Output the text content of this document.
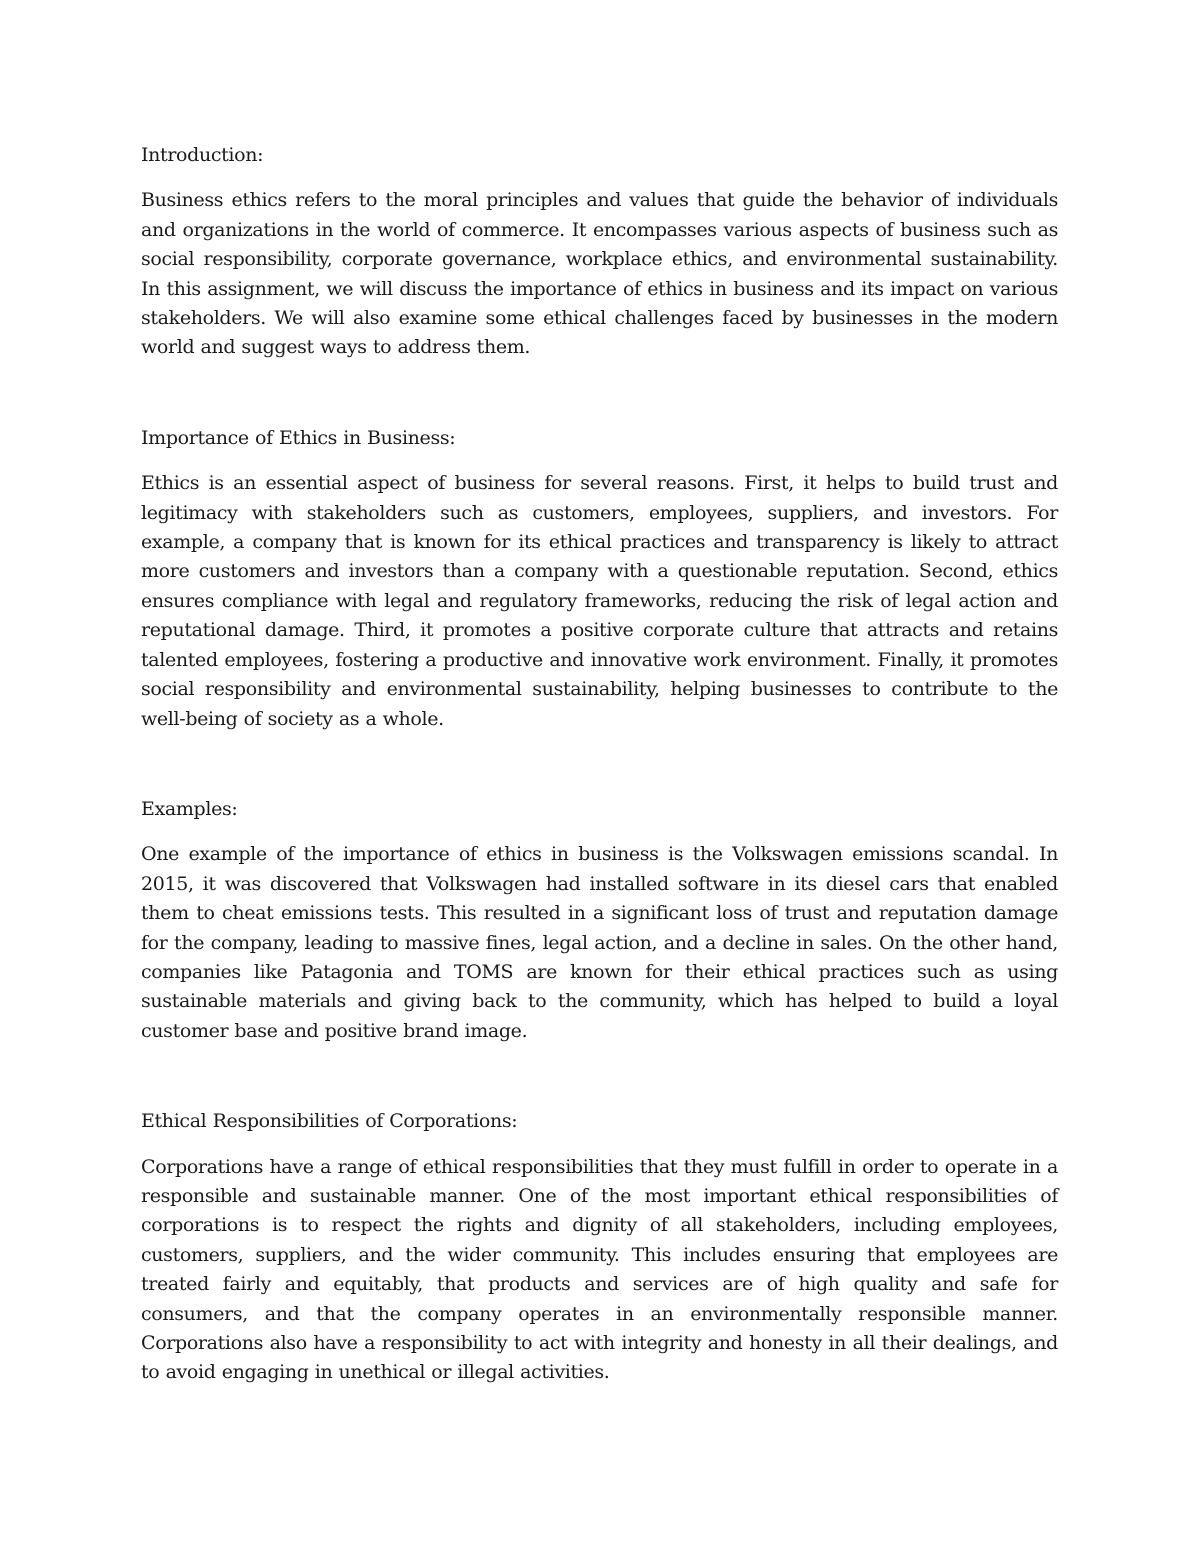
Introduction:

Business ethics refers to the moral principles and values that guide the behavior of individuals and organizations in the world of commerce. It encompasses various aspects of business such as social responsibility, corporate governance, workplace ethics, and environmental sustainability. In this assignment, we will discuss the importance of ethics in business and its impact on various stakeholders. We will also examine some ethical challenges faced by businesses in the modern world and suggest ways to address them.

Importance of Ethics in Business:

Ethics is an essential aspect of business for several reasons. First, it helps to build trust and legitimacy with stakeholders such as customers, employees, suppliers, and investors. For example, a company that is known for its ethical practices and transparency is likely to attract more customers and investors than a company with a questionable reputation. Second, ethics ensures compliance with legal and regulatory frameworks, reducing the risk of legal action and reputational damage. Third, it promotes a positive corporate culture that attracts and retains talented employees, fostering a productive and innovative work environment. Finally, it promotes social responsibility and environmental sustainability, helping businesses to contribute to the well-being of society as a whole.

Examples:

One example of the importance of ethics in business is the Volkswagen emissions scandal. In 2015, it was discovered that Volkswagen had installed software in its diesel cars that enabled them to cheat emissions tests. This resulted in a significant loss of trust and reputation damage for the company, leading to massive fines, legal action, and a decline in sales. On the other hand, companies like Patagonia and TOMS are known for their ethical practices such as using sustainable materials and giving back to the community, which has helped to build a loyal customer base and positive brand image.

Ethical Responsibilities of Corporations:

Corporations have a range of ethical responsibilities that they must fulfill in order to operate in a responsible and sustainable manner. One of the most important ethical responsibilities of corporations is to respect the rights and dignity of all stakeholders, including employees, customers, suppliers, and the wider community. This includes ensuring that employees are treated fairly and equitably, that products and services are of high quality and safe for consumers, and that the company operates in an environmentally responsible manner. Corporations also have a responsibility to act with integrity and honesty in all their dealings, and to avoid engaging in unethical or illegal activities.
